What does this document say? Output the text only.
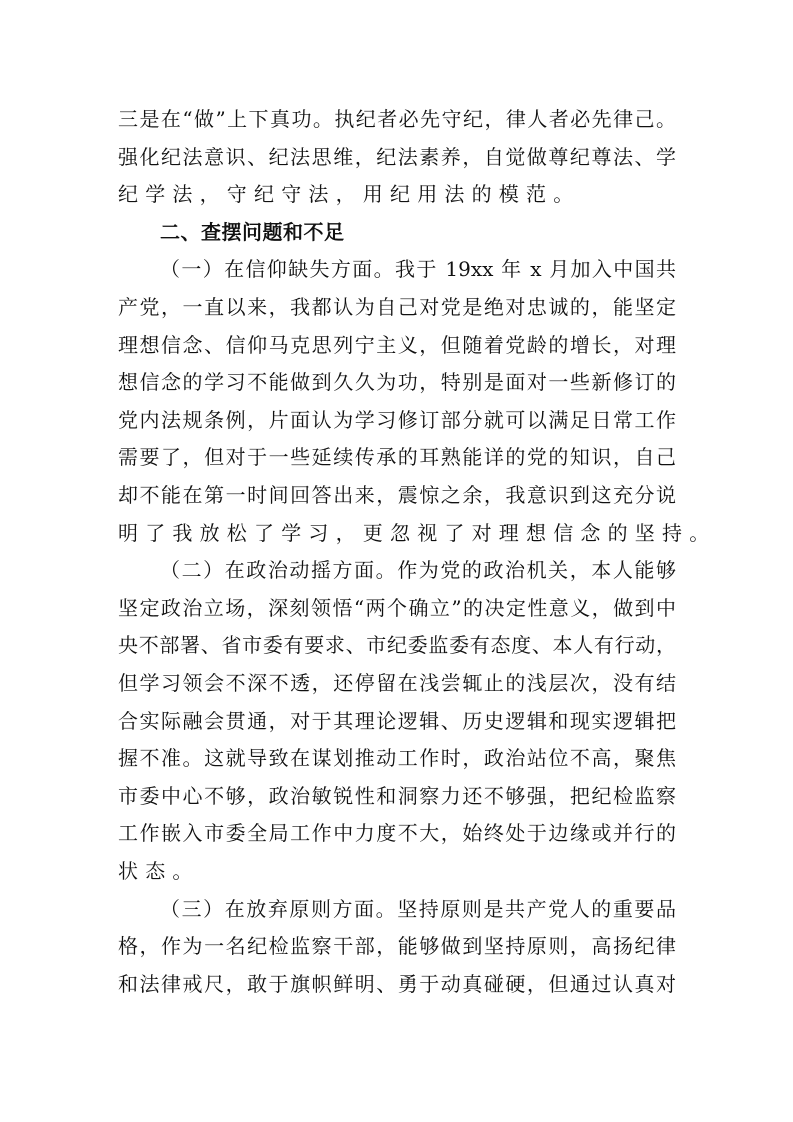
三是在“做”上下真功。执纪者必先守纪，律人者必先律己。
强化纪法意识、纪法思维，纪法素养，自觉做尊纪尊法、学
纪学法，守纪守法，用纪用法的模范。
二、查摆问题和不足
（一）在信仰缺失方面。我于 19xx 年 x 月加入中国共
产党，一直以来，我都认为自己对党是绝对忠诚的，能坚定
理想信念、信仰马克思列宁主义，但随着党龄的增长，对理
想信念的学习不能做到久久为功，特别是面对一些新修订的
党内法规条例，片面认为学习修订部分就可以满足日常工作
需要了，但对于一些延续传承的耳熟能详的党的知识，自己
却不能在第一时间回答出来，震惊之余，我意识到这充分说
明了我放松了学习，更忽视了对理想信念的坚持。
（二）在政治动摇方面。作为党的政治机关，本人能够
坚定政治立场，深刻领悟“两个确立”的决定性意义，做到中
央不部署、省市委有要求、市纪委监委有态度、本人有行动，
但学习领会不深不透，还停留在浅尝辄止的浅层次，没有结
合实际融会贯通，对于其理论逻辑、历史逻辑和现实逻辑把
握不准。这就导致在谋划推动工作时，政治站位不高，聚焦
市委中心不够，政治敏锐性和洞察力还不够强，把纪检监察
工作嵌入市委全局工作中力度不大，始终处于边缘或并行的
状态。
（三）在放弃原则方面。坚持原则是共产党人的重要品
格，作为一名纪检监察干部，能够做到坚持原则，高扬纪律
和法律戒尺，敢于旗帜鲜明、勇于动真碰硬，但通过认真对
